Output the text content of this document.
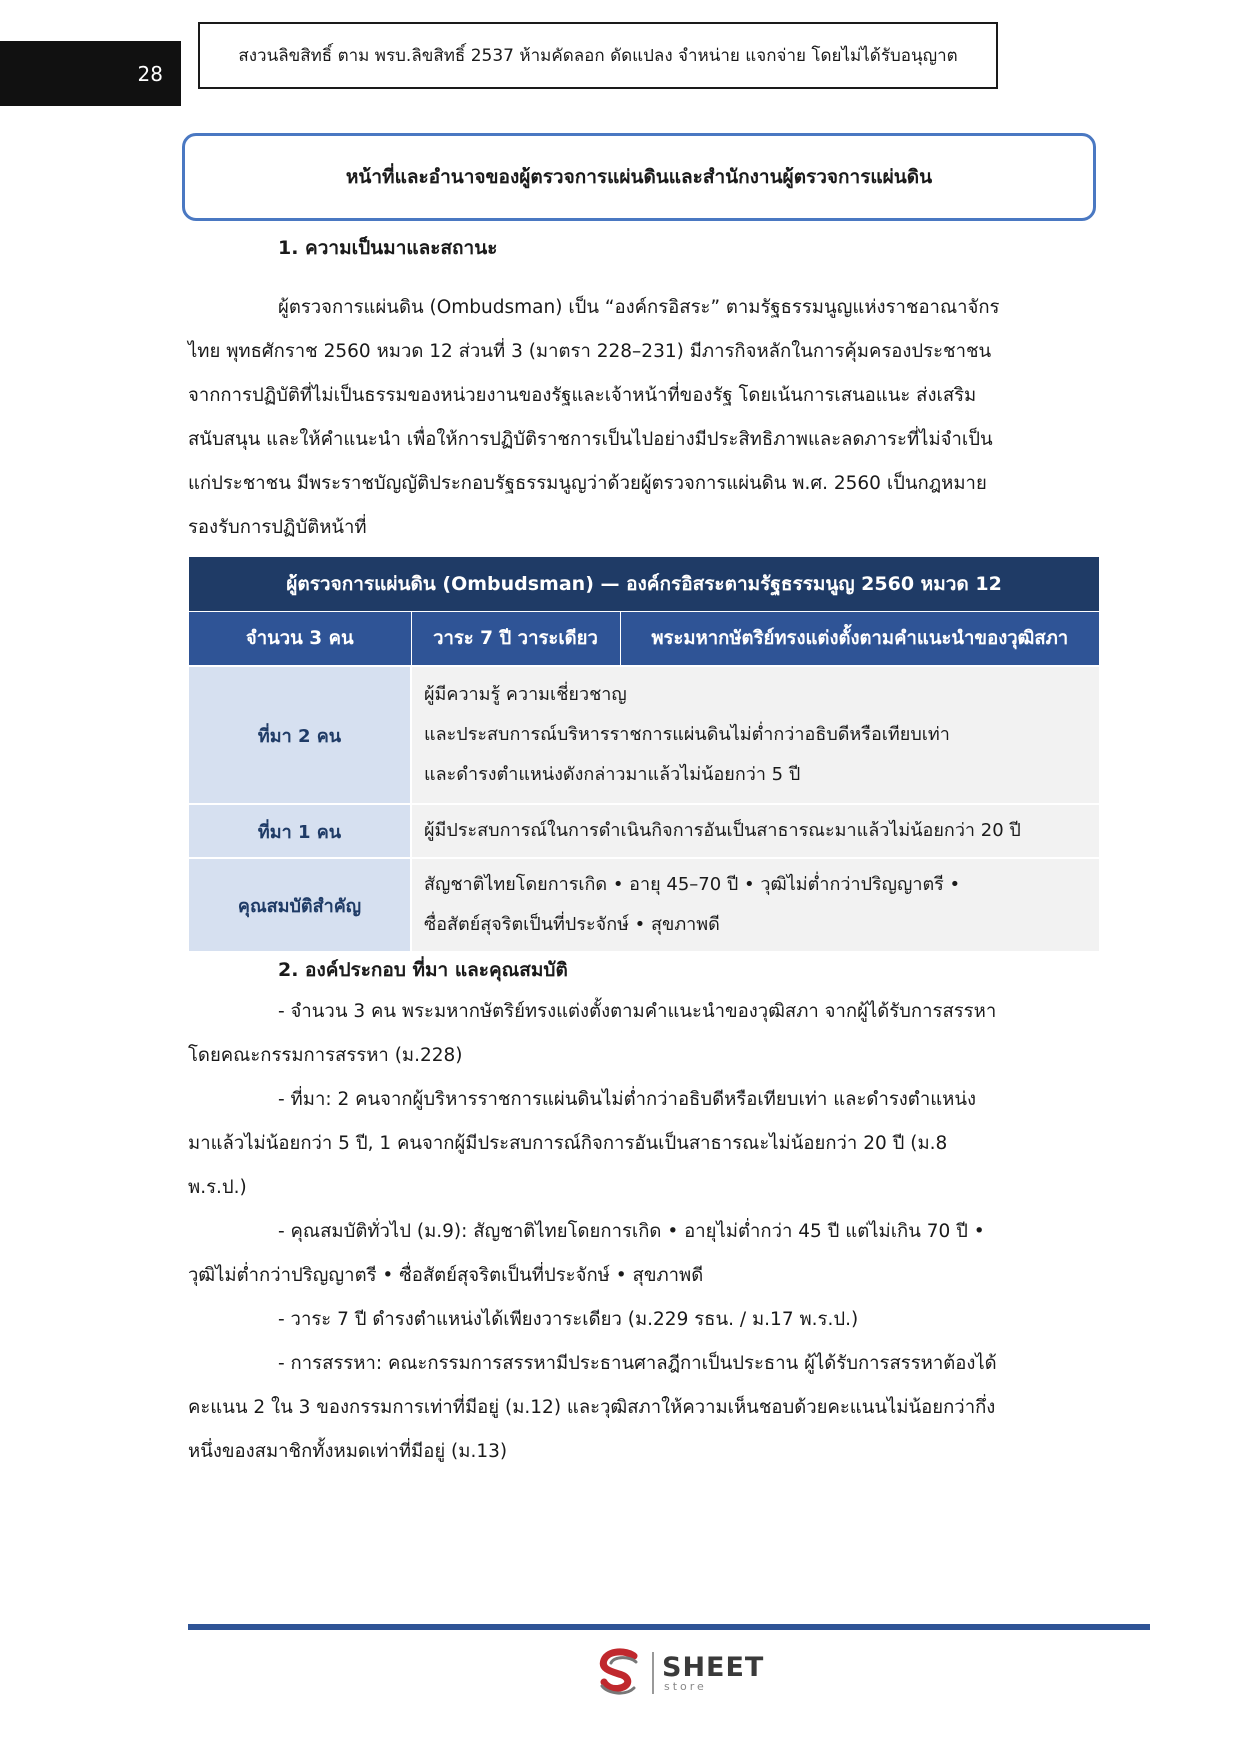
28
สงวนลิขสิทธิ์ ตาม พรบ.ลิขสิทธิ์ 2537 ห้ามคัดลอก ดัดแปลง จำหน่าย แจกจ่าย โดยไม่ได้รับอนุญาต
หน้าที่และอำนาจของผู้ตรวจการแผ่นดินและสำนักงานผู้ตรวจการแผ่นดิน
1. ความเป็นมาและสถานะ
ผู้ตรวจการแผ่นดิน (Ombudsman) เป็น “องค์กรอิสระ” ตามรัฐธรรมนูญแห่งราชอาณาจักร
ไทย พุทธศักราช 2560 หมวด 12 ส่วนที่ 3 (มาตรา 228–231) มีภารกิจหลักในการคุ้มครองประชาชน
จากการปฏิบัติที่ไม่เป็นธรรมของหน่วยงานของรัฐและเจ้าหน้าที่ของรัฐ โดยเน้นการเสนอแนะ ส่งเสริม
สนับสนุน และให้คำแนะนำ เพื่อให้การปฏิบัติราชการเป็นไปอย่างมีประสิทธิภาพและลดภาระที่ไม่จำเป็น
แก่ประชาชน มีพระราชบัญญัติประกอบรัฐธรรมนูญว่าด้วยผู้ตรวจการแผ่นดิน พ.ศ. 2560 เป็นกฎหมาย
รองรับการปฏิบัติหน้าที่
ผู้ตรวจการแผ่นดิน (Ombudsman) — องค์กรอิสระตามรัฐธรรมนูญ 2560 หมวด 12		
จำนวน 3 คน	วาระ 7 ปี วาระเดียว	พระมหากษัตริย์ทรงแต่งตั้งตามคำแนะนำของวุฒิสภา
ที่มา 2 คน	ผู้มีความรู้ ความเชี่ยวชาญ
และประสบการณ์บริหารราชการแผ่นดินไม่ต่ำกว่าอธิบดีหรือเทียบเท่า
และดำรงตำแหน่งดังกล่าวมาแล้วไม่น้อยกว่า 5 ปี	

ที่มา 1 คน	ผู้มีประสบการณ์ในการดำเนินกิจการอันเป็นสาธารณะมาแล้วไม่น้อยกว่า 20 ปี	

คุณสมบัติสำคัญ	สัญชาติไทยโดยการเกิด • อายุ 45–70 ปี • วุฒิไม่ต่ำกว่าปริญญาตรี •
ซื่อสัตย์สุจริตเป็นที่ประจักษ์ • สุขภาพดี	
2. องค์ประกอบ ที่มา และคุณสมบัติ
- จำนวน 3 คน พระมหากษัตริย์ทรงแต่งตั้งตามคำแนะนำของวุฒิสภา จากผู้ได้รับการสรรหา
โดยคณะกรรมการสรรหา (ม.228)
- ที่มา: 2 คนจากผู้บริหารราชการแผ่นดินไม่ต่ำกว่าอธิบดีหรือเทียบเท่า และดำรงตำแหน่ง
มาแล้วไม่น้อยกว่า 5 ปี, 1 คนจากผู้มีประสบการณ์กิจการอันเป็นสาธารณะไม่น้อยกว่า 20 ปี (ม.8
พ.ร.ป.)
- คุณสมบัติทั่วไป (ม.9): สัญชาติไทยโดยการเกิด • อายุไม่ต่ำกว่า 45 ปี แต่ไม่เกิน 70 ปี •
วุฒิไม่ต่ำกว่าปริญญาตรี • ซื่อสัตย์สุจริตเป็นที่ประจักษ์ • สุขภาพดี
- วาระ 7 ปี ดำรงตำแหน่งได้เพียงวาระเดียว (ม.229 รธน. / ม.17 พ.ร.ป.)
- การสรรหา: คณะกรรมการสรรหามีประธานศาลฎีกาเป็นประธาน ผู้ได้รับการสรรหาต้องได้
คะแนน 2 ใน 3 ของกรรมการเท่าที่มีอยู่ (ม.12) และวุฒิสภาให้ความเห็นชอบด้วยคะแนนไม่น้อยกว่ากึ่ง
หนึ่งของสมาชิกทั้งหมดเท่าที่มีอยู่ (ม.13)
SHEET
store
